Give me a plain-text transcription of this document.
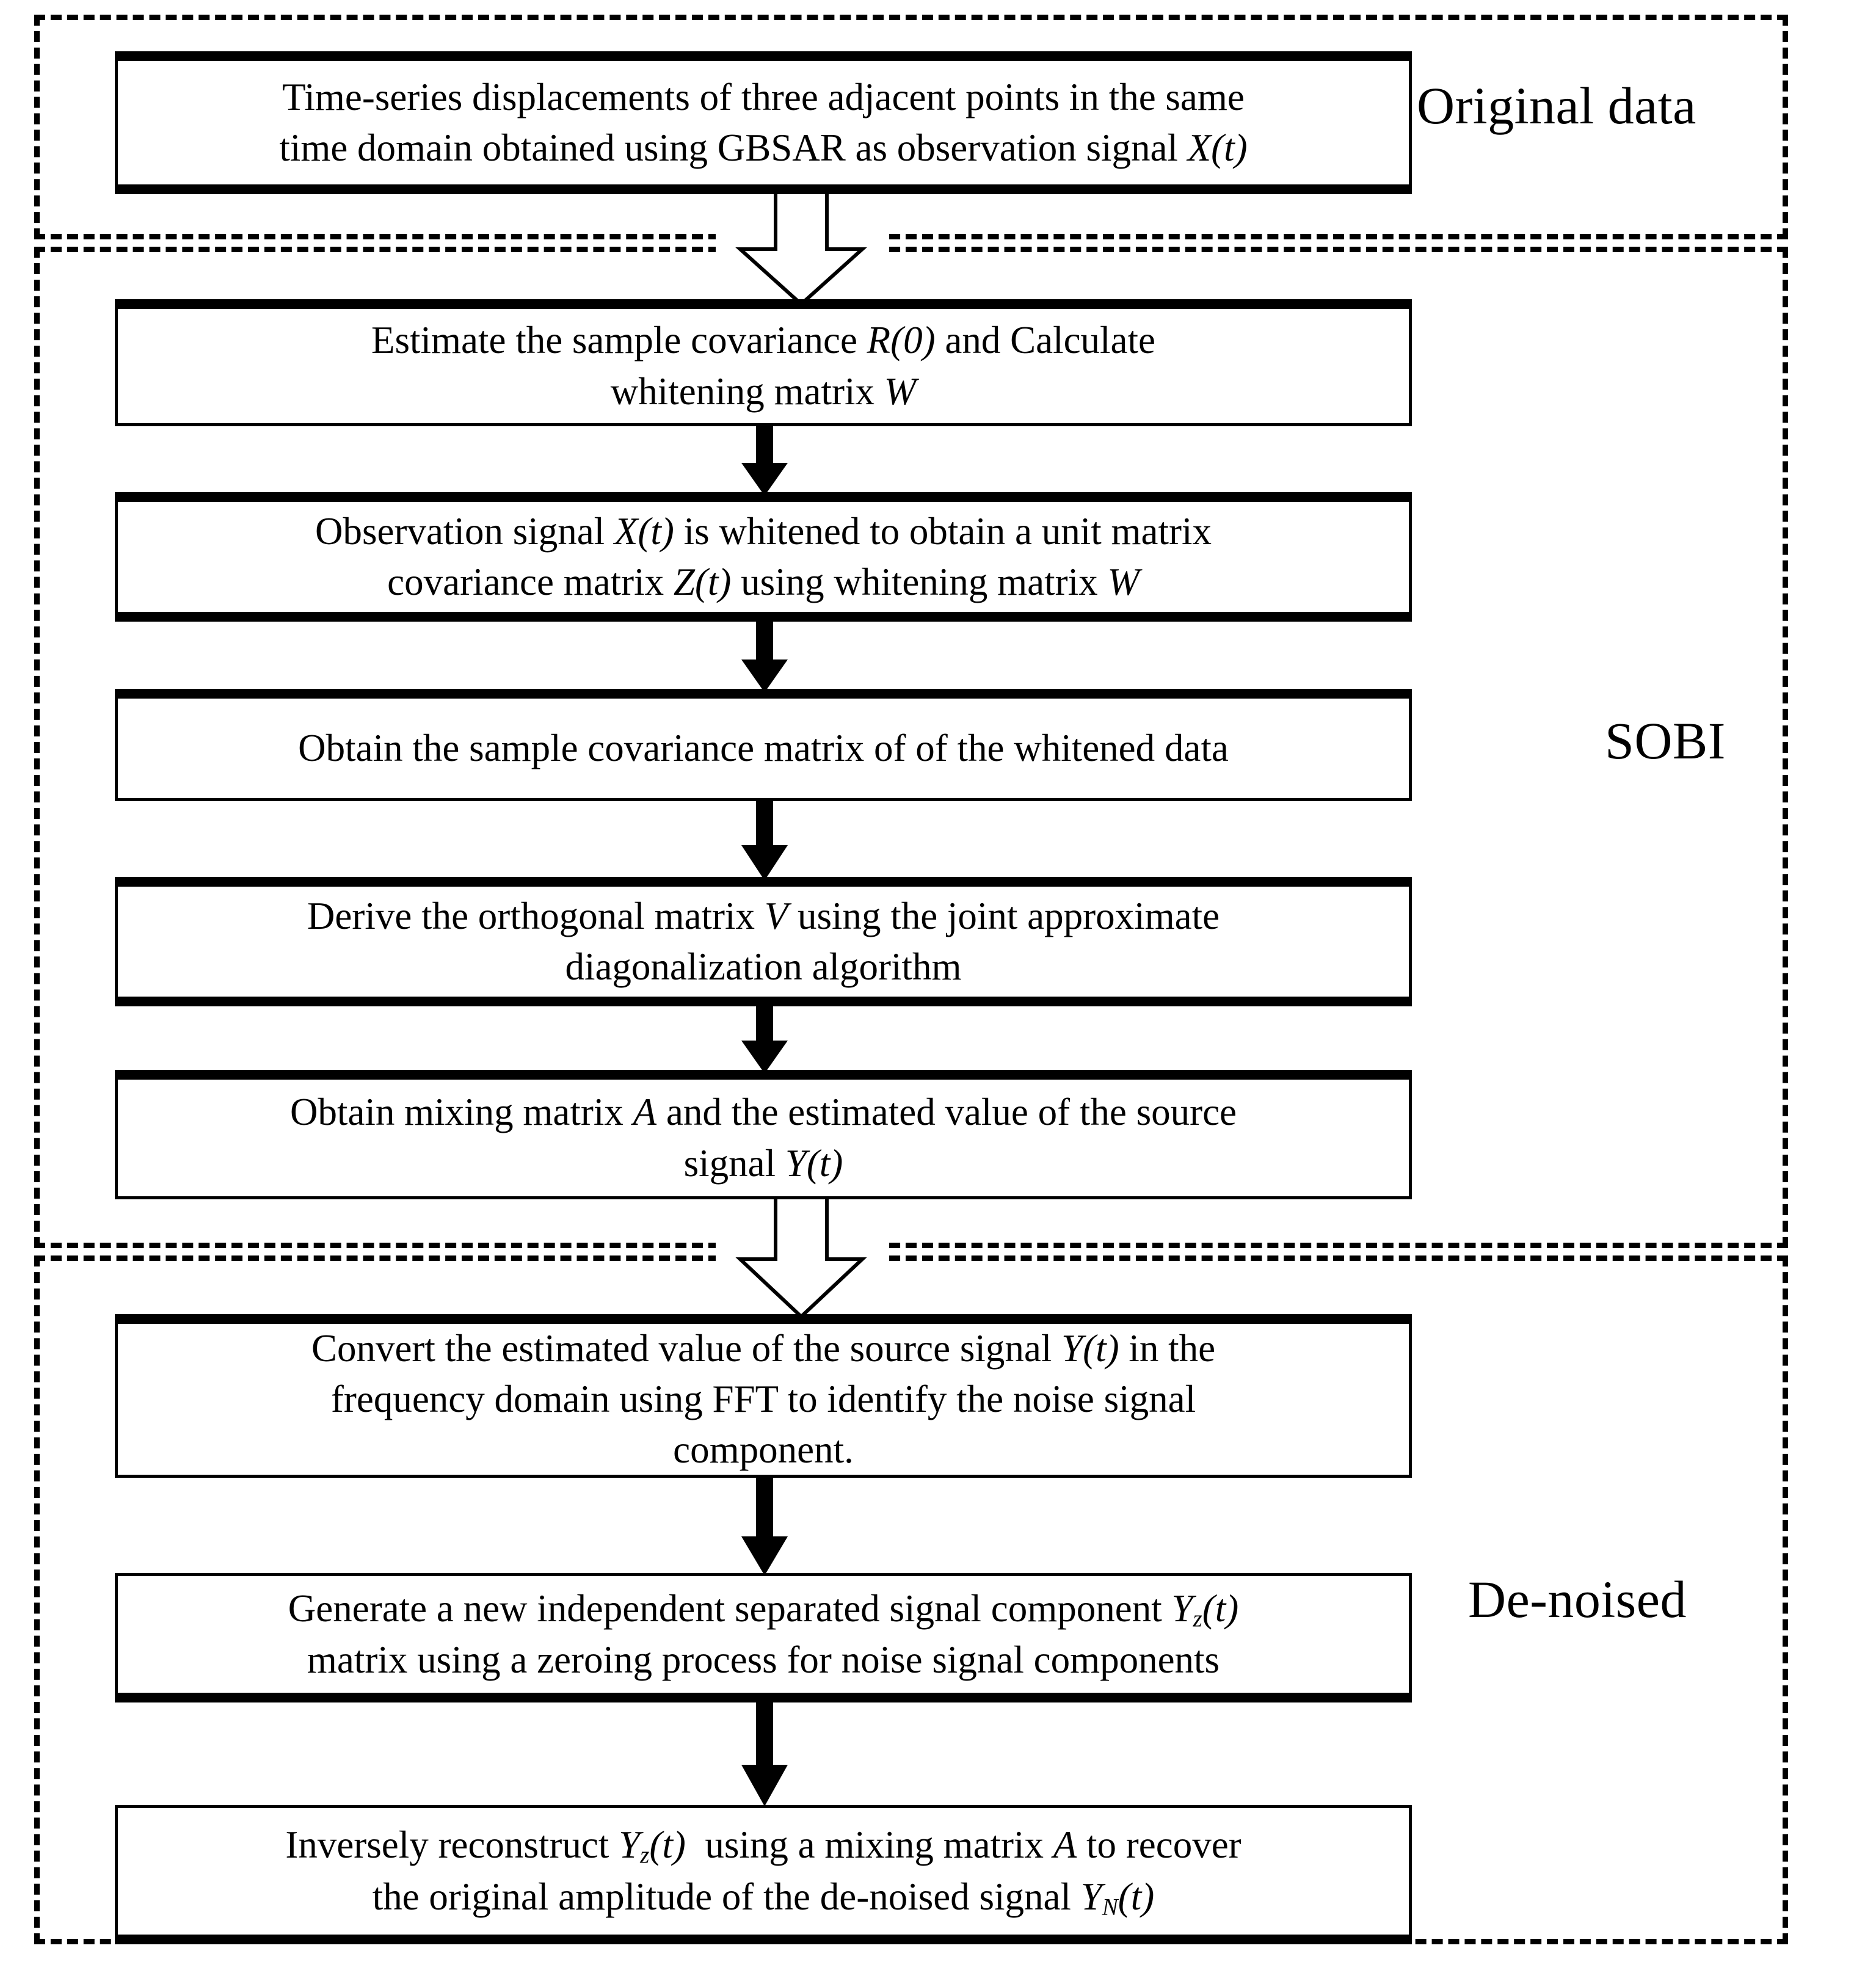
Original data
SOBI
De-noised
Time-series displacements of three adjacent points in the same
time domain obtained using GBSAR as observation signal X(t)
Estimate the sample covariance R(0) and Calculate
whitening matrix W
Observation signal X(t) is whitened to obtain a unit matrix
covariance matrix Z(t) using whitening matrix W
Obtain the sample covariance matrix of of the whitened data
Derive the orthogonal matrix V using the joint approximate
diagonalization algorithm
Obtain mixing matrix A and the estimated value of the source
signal Y(t)
Convert the estimated value of the source signal Y(t) in the
frequency domain using FFT to identify the noise signal
component.
Generate a new independent separated signal component $Y_z(t)$
matrix using a zeroing process for noise signal components
Inversely reconstruct $Y_z(t)$  using a mixing matrix A to recover
the original amplitude of the de-noised signal $Y_N(t)$
